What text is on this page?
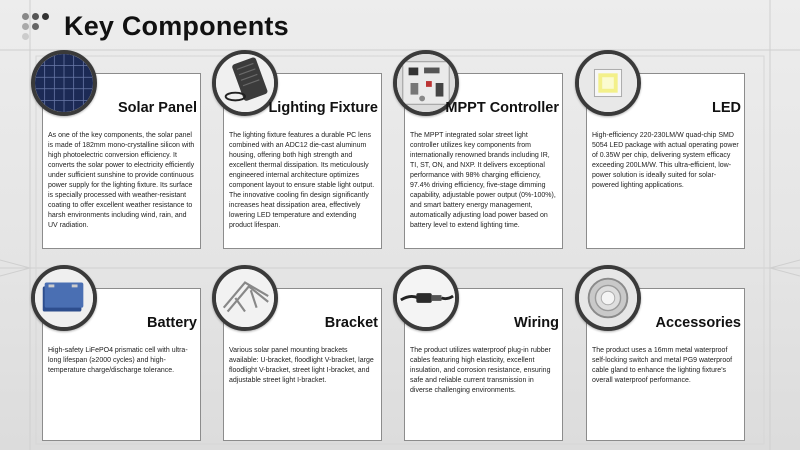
Key Components
Solar Panel
As one of the key components, the solar panel is made of 182mm mono-crystalline silicon with high photoelectric conversion efficiency. It converts the solar power to electricity efficiently under sufficient sunshine to provide continuous power supply for the lighting fixture. Its surface is specially processed with weather-resistant coating to offer excellent weather resistance to harsh environments including wind, rain, and UV radiation.
Lighting Fixture
The lighting fixture features a durable PC lens combined with an ADC12 die-cast aluminum housing, offering both high strength and excellent thermal dissipation. Its meticulously engineered internal architecture optimizes component layout to ensure stable light output. The innovative cooling fin design significantly increases heat dissipation area, effectively lowering LED temperature and extending product lifespan.
MPPT Controller
The MPPT integrated solar street light controller utilizes key components from internationally renowned brands including IR, TI, ST, ON, and NXP. It delivers exceptional performance with 98% charging efficiency, 97.4% driving efficiency, five-stage dimming capability, adjustable power output (0%-100%), and smart battery energy management, automatically adjusting load power based on battery level to extend lighting time.
LED
High-efficiency 220-230LM/W quad-chip SMD 5054 LED package with actual operating power of 0.35W per chip, delivering system efficacy exceeding 200LM/W. This ultra-efficient, low-power solution is ideally suited for solar-powered lighting applications.
Battery
High-safety LiFePO4 prismatic cell with ultra-long lifespan (≥2000 cycles) and high-temperature charge/discharge tolerance.
Bracket
Various solar panel mounting brackets available: U-bracket, floodlight V-bracket, large floodlight V-bracket, street light I-bracket, and adjustable street light I-bracket.
Wiring
The product utilizes waterproof plug-in rubber cables featuring high elasticity, excellent insulation, and corrosion resistance, ensuring safe and reliable current transmission in diverse challenging environments.
Accessories
The product uses a 16mm metal waterproof self-locking switch and metal PG9 waterproof cable gland to enhance the lighting fixture's overall waterproof performance.
